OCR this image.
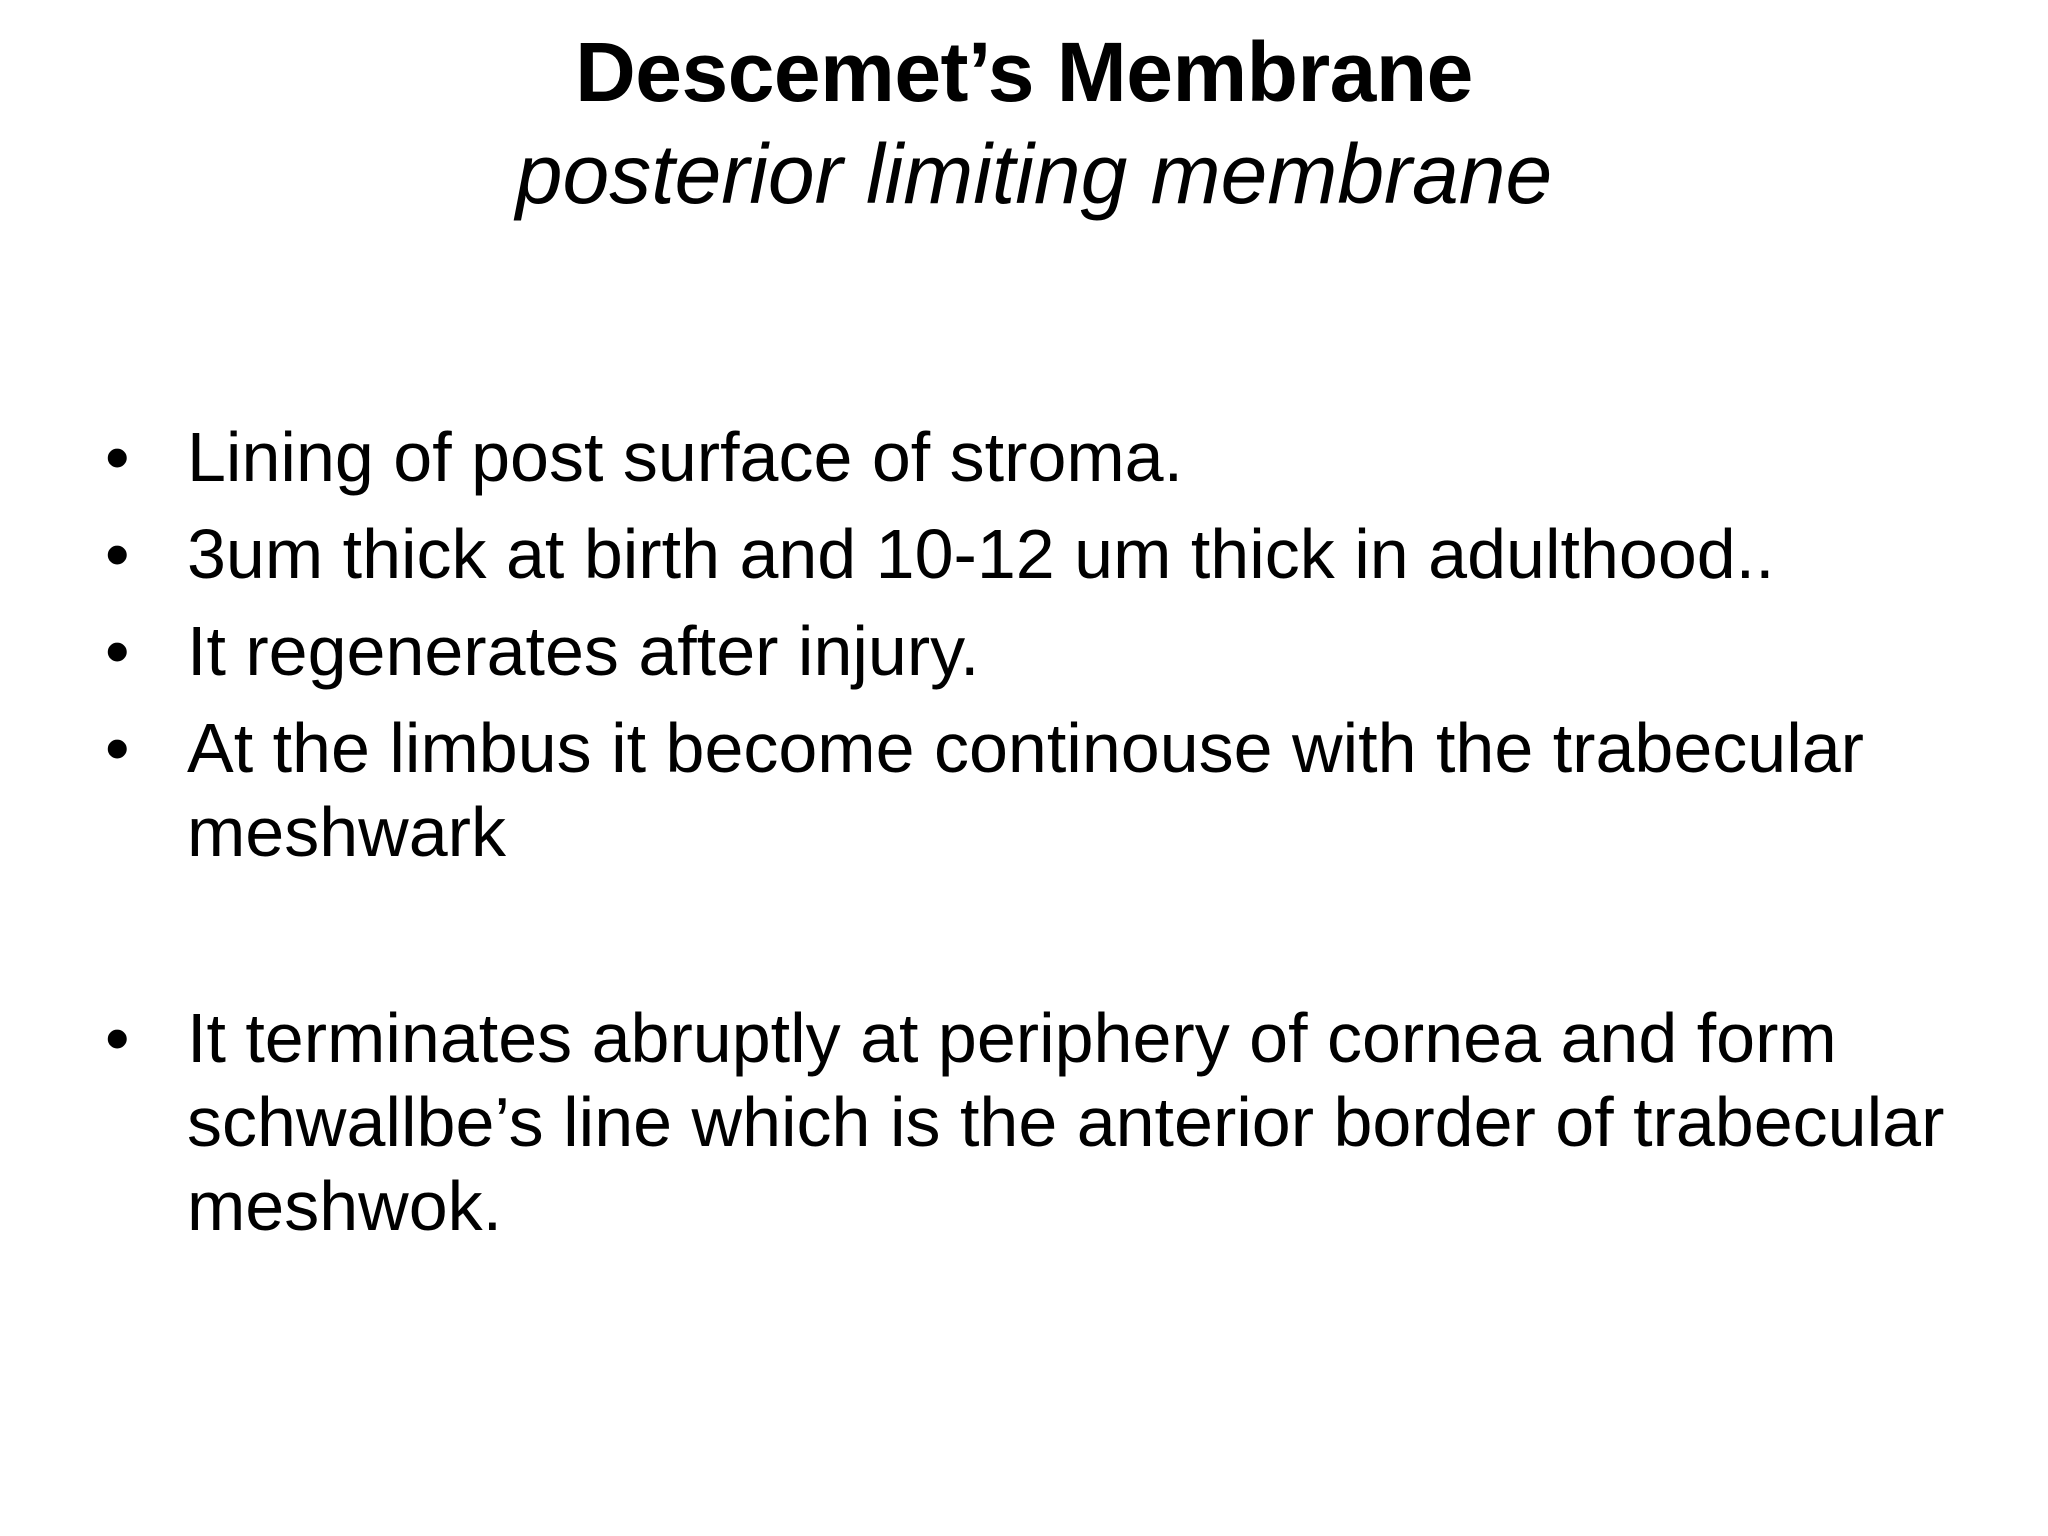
Descemet’s Membrane
posterior limiting membrane
• Lining of post surface of stroma.
• 3um thick at birth and 10-12 um thick in adulthood..
• It regenerates after injury.
• At the limbus it become continouse with the trabecular meshwark
• It terminates abruptly at periphery of cornea and form schwallbe’s line which is the anterior border of trabecular meshwok.
